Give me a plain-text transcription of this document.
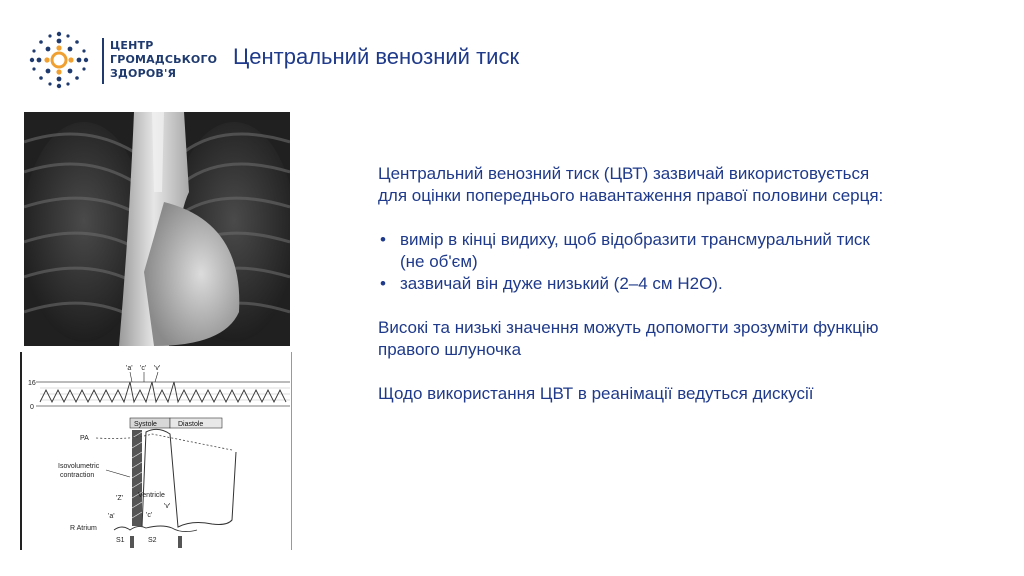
ЦЕНТР
ГРОМАДСЬКОГО
ЗДОРОВ'Я
Центральний венозний тиск
16
0
'a' 'c' 'v'
Systole	Diastole
PA
Isovolumetric
contraction
Ventricle
'Z'
'c'
'v'
'a'
R Atrium
S1	S2

Центральний венозний тиск (ЦВТ) зазвичай використовується для оцінки попереднього навантаження правої половини серця:

• вимір в кінці видиху, щоб відобразити трансмуральний тиск (не об'єм)
• зазвичай він дуже низький (2–4 см H2O).

Високі та низькі значення можуть допомогти зрозуміти функцію правого шлуночка

Щодо використання ЦВТ в реанімації ведуться дискусії
